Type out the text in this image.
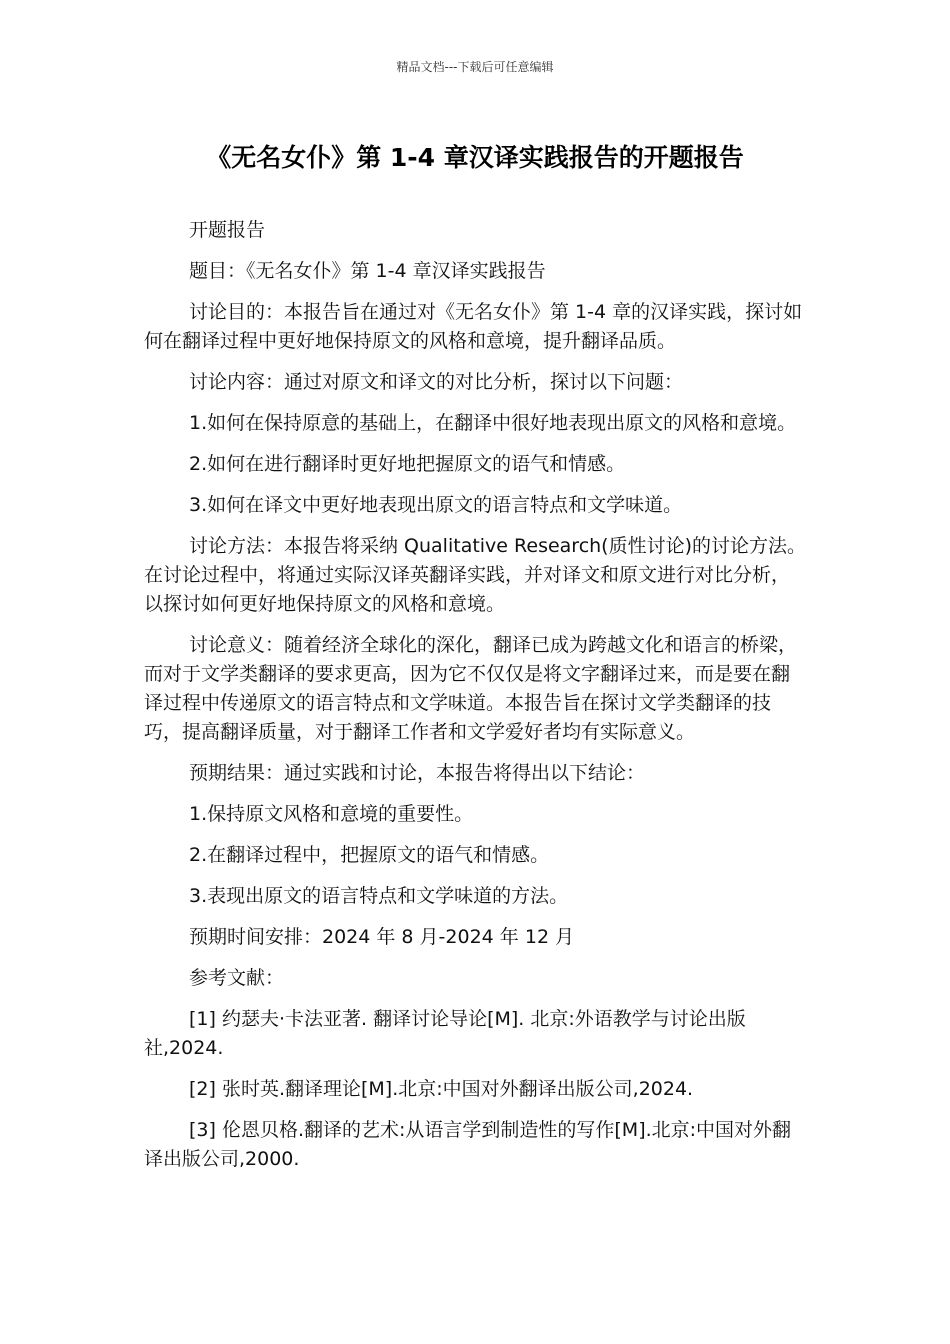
精品文档---下载后可任意编辑
《无名女仆》第 1-4 章汉译实践报告的开题报告

开题报告

题目：《无名女仆》第 1-4 章汉译实践报告

讨论目的：本报告旨在通过对《无名女仆》第 1-4 章的汉译实践，探讨如何在翻译过程中更好地保持原文的风格和意境，提升翻译品质。

讨论内容：通过对原文和译文的对比分析，探讨以下问题：

1.如何在保持原意的基础上，在翻译中很好地表现出原文的风格和意境。

2.如何在进行翻译时更好地把握原文的语气和情感。

3.如何在译文中更好地表现出原文的语言特点和文学味道。

讨论方法：本报告将采纳 Qualitative Research(质性讨论)的讨论方法。在讨论过程中，将通过实际汉译英翻译实践，并对译文和原文进行对比分析，以探讨如何更好地保持原文的风格和意境。

讨论意义：随着经济全球化的深化，翻译已成为跨越文化和语言的桥梁，而对于文学类翻译的要求更高，因为它不仅仅是将文字翻译过来，而是要在翻译过程中传递原文的语言特点和文学味道。本报告旨在探讨文学类翻译的技巧，提高翻译质量，对于翻译工作者和文学爱好者均有实际意义。

预期结果：通过实践和讨论，本报告将得出以下结论：

1.保持原文风格和意境的重要性。

2.在翻译过程中，把握原文的语气和情感。

3.表现出原文的语言特点和文学味道的方法。

预期时间安排：2024 年 8 月-2024 年 12 月

参考文献：

[1] 约瑟夫·卡法亚著. 翻译讨论导论[M]. 北京:外语教学与讨论出版社,2024.

[2] 张时英.翻译理论[M].北京:中国对外翻译出版公司,2024.

[3] 伦恩贝格.翻译的艺术:从语言学到制造性的写作[M].北京:中国对外翻译出版公司,2000.
